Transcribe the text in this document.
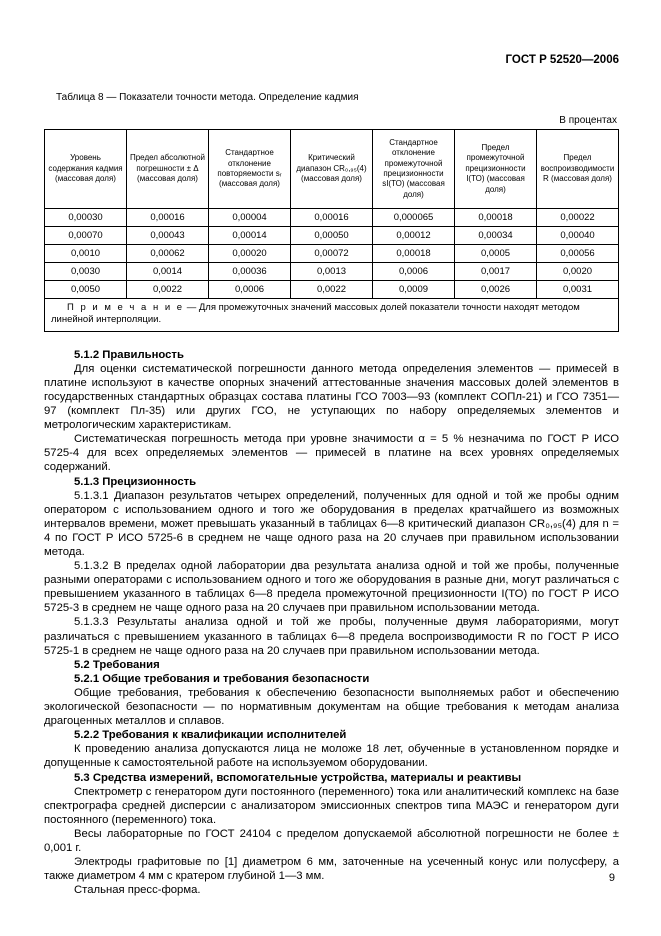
ГОСТ Р 52520—2006
Таблица 8 — Показатели точности метода. Определение кадмия
В процентах
Уровень содержания кадмия (массовая доля)	Предел абсолютной погрешности ± Δ (массовая доля)	Стандартное отклонение повторяемости sᵣ (массовая доля)	Критический диапазон CR₀,₉₅(4) (массовая доля)	Стандартное отклонение промежуточной прецизионности sI(ТО) (массовая доля)	Предел промежуточной прецизионности I(ТО) (массовая доля)	Предел воспроизводимости R (массовая доля)
0,00030	0,00016	0,00004	0,00016	0,000065	0,00018	0,00022
0,00070	0,00043	0,00014	0,00050	0,00012	0,00034	0,00040
0,0010	0,00062	0,00020	0,00072	0,00018	0,0005	0,00056
0,0030	0,0014	0,00036	0,0013	0,0006	0,0017	0,0020
0,0050	0,0022	0,0006	0,0022	0,0009	0,0026	0,0031

П р и м е ч а н и е — Для промежуточных значений массовых долей показатели точности находят методом линейной интерполяции.						

5.1.2 Правильность

Для оценки систематической погрешности данного метода определения элементов — примесей в платине используют в качестве опорных значений аттестованные значения массовых долей элементов в государственных стандартных образцах состава платины ГСО 7003—93 (комплект СОПл-21) и ГСО 7351—97 (комплект Пл-35) или других ГСО, не уступающих по набору определяемых элементов и метрологическим характеристикам.

Систематическая погрешность метода при уровне значимости α = 5 % незначима по ГОСТ Р ИСО 5725-4 для всех определяемых элементов — примесей в платине на всех уровнях определяемых содержаний.

5.1.3 Прецизионность

5.1.3.1 Диапазон результатов четырех определений, полученных для одной и той же пробы одним оператором с использованием одного и того же оборудования в пределах кратчайшего из возможных интервалов времени, может превышать указанный в таблицах 6—8 критический диапазон CR₀,₉₅(4) для n = 4 по ГОСТ Р ИСО 5725-6 в среднем не чаще одного раза на 20 случаев при правильном использовании метода.

5.1.3.2 В пределах одной лаборатории два результата анализа одной и той же пробы, полученные разными операторами с использованием одного и того же оборудования в разные дни, могут различаться с превышением указанного в таблицах 6—8 предела промежуточной прецизионности I(ТО) по ГОСТ Р ИСО 5725-3 в среднем не чаще одного раза на 20 случаев при правильном использовании метода.

5.1.3.3 Результаты анализа одной и той же пробы, полученные двумя лабораториями, могут различаться с превышением указанного в таблицах 6—8 предела воспроизводимости R по ГОСТ Р ИСО 5725-1 в среднем не чаще одного раза на 20 случаев при правильном использовании метода.

5.2 Требования

5.2.1 Общие требования и требования безопасности

Общие требования, требования к обеспечению безопасности выполняемых работ и обеспечению экологической безопасности — по нормативным документам на общие требования к методам анализа драгоценных металлов и сплавов.

5.2.2 Требования к квалификации исполнителей

К проведению анализа допускаются лица не моложе 18 лет, обученные в установленном порядке и допущенные к самостоятельной работе на используемом оборудовании.

5.3 Средства измерений, вспомогательные устройства, материалы и реактивы

Спектрометр с генератором дуги постоянного (переменного) тока или аналитический комплекс на базе спектрографа средней дисперсии с анализатором эмиссионных спектров типа МАЭС и генератором дуги постоянного (переменного) тока.

Весы лабораторные по ГОСТ 24104 с пределом допускаемой абсолютной погрешности не более ± 0,001 г.

Электроды графитовые по [1] диаметром 6 мм, заточенные на усеченный конус или полусферу, а также диаметром 4 мм с кратером глубиной 1—3 мм.

Стальная пресс-форма.

9
